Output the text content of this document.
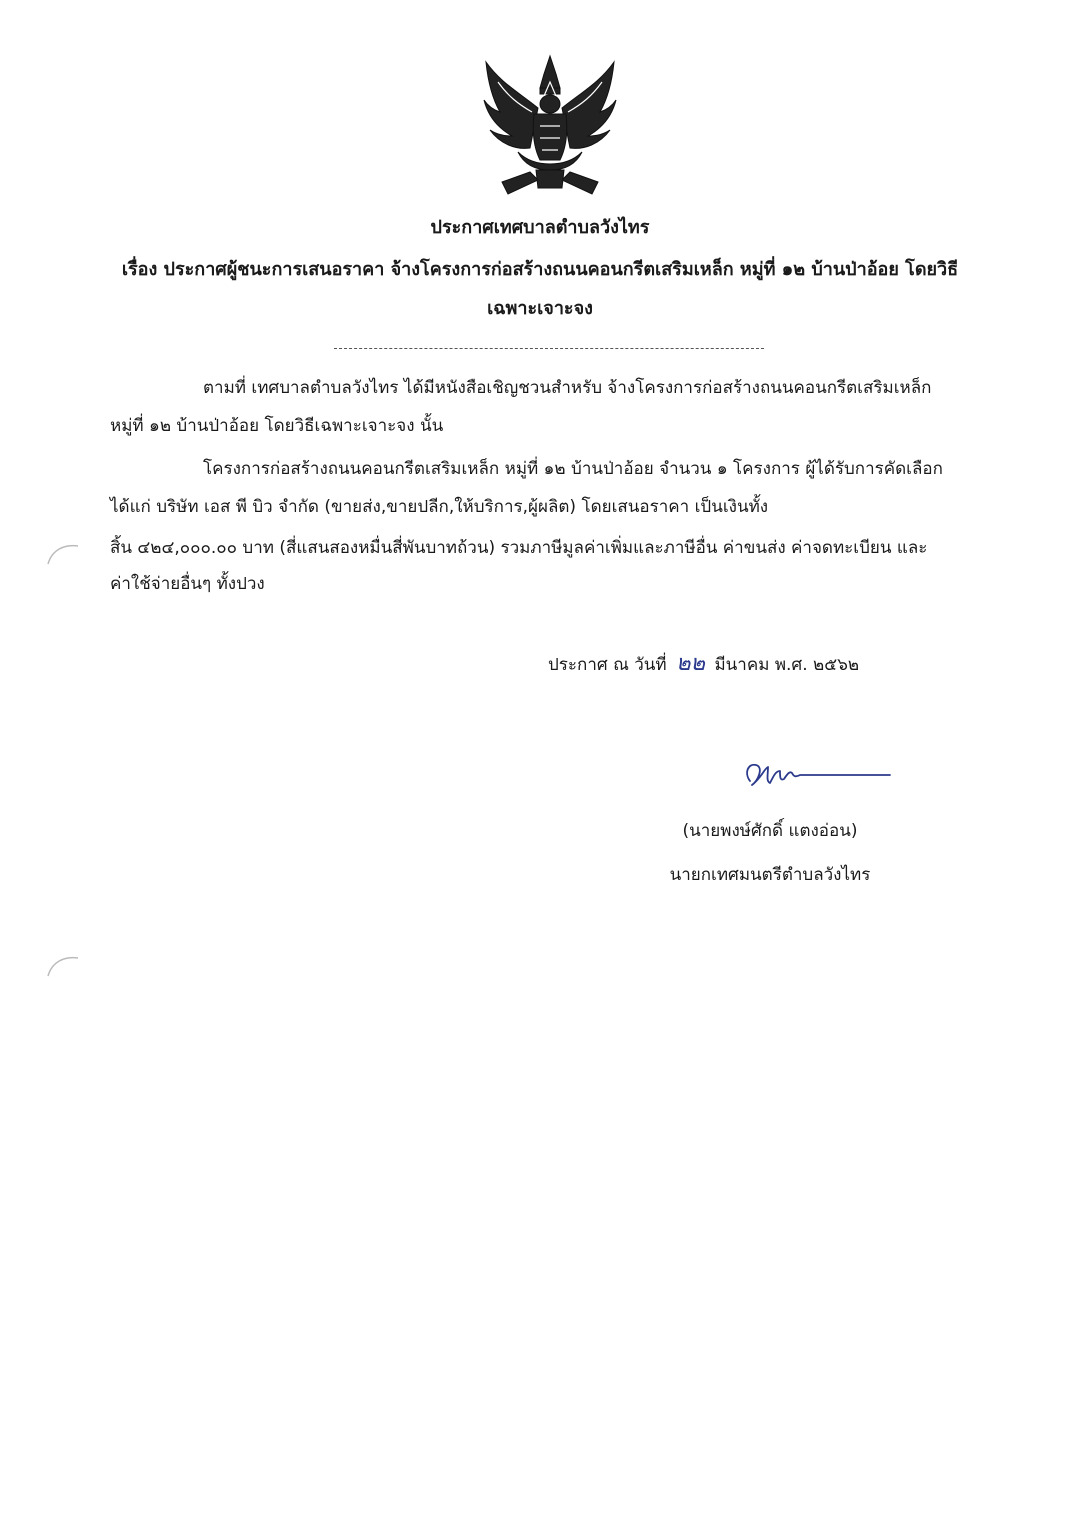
ประกาศเทศบาลตำบลวังไทร
เรื่อง ประกาศผู้ชนะการเสนอราคา จ้างโครงการก่อสร้างถนนคอนกรีตเสริมเหล็ก หมู่ที่ ๑๒ บ้านป่าอ้อย โดยวิธี
เฉพาะเจาะจง
ตามที่ เทศบาลตำบลวังไทร ได้มีหนังสือเชิญชวนสำหรับ จ้างโครงการก่อสร้างถนนคอนกรีตเสริมเหล็ก
หมู่ที่ ๑๒ บ้านป่าอ้อย โดยวิธีเฉพาะเจาะจง นั้น
โครงการก่อสร้างถนนคอนกรีตเสริมเหล็ก หมู่ที่ ๑๒ บ้านป่าอ้อย จำนวน ๑ โครงการ ผู้ได้รับการคัดเลือก
ได้แก่ บริษัท เอส พี บิว จำกัด (ขายส่ง,ขายปลีก,ให้บริการ,ผู้ผลิต) โดยเสนอราคา เป็นเงินทั้ง
สิ้น ๔๒๔,๐๐๐.๐๐ บาท (สี่แสนสองหมื่นสี่พันบาทถ้วน) รวมภาษีมูลค่าเพิ่มและภาษีอื่น ค่าขนส่ง ค่าจดทะเบียน และ
ค่าใช้จ่ายอื่นๆ ทั้งปวง
ประกาศ ณ วันที่ ๒๒ มีนาคม พ.ศ. ๒๕๖๒
(นายพงษ์ศักดิ์ แตงอ่อน)
นายกเทศมนตรีตำบลวังไทร
